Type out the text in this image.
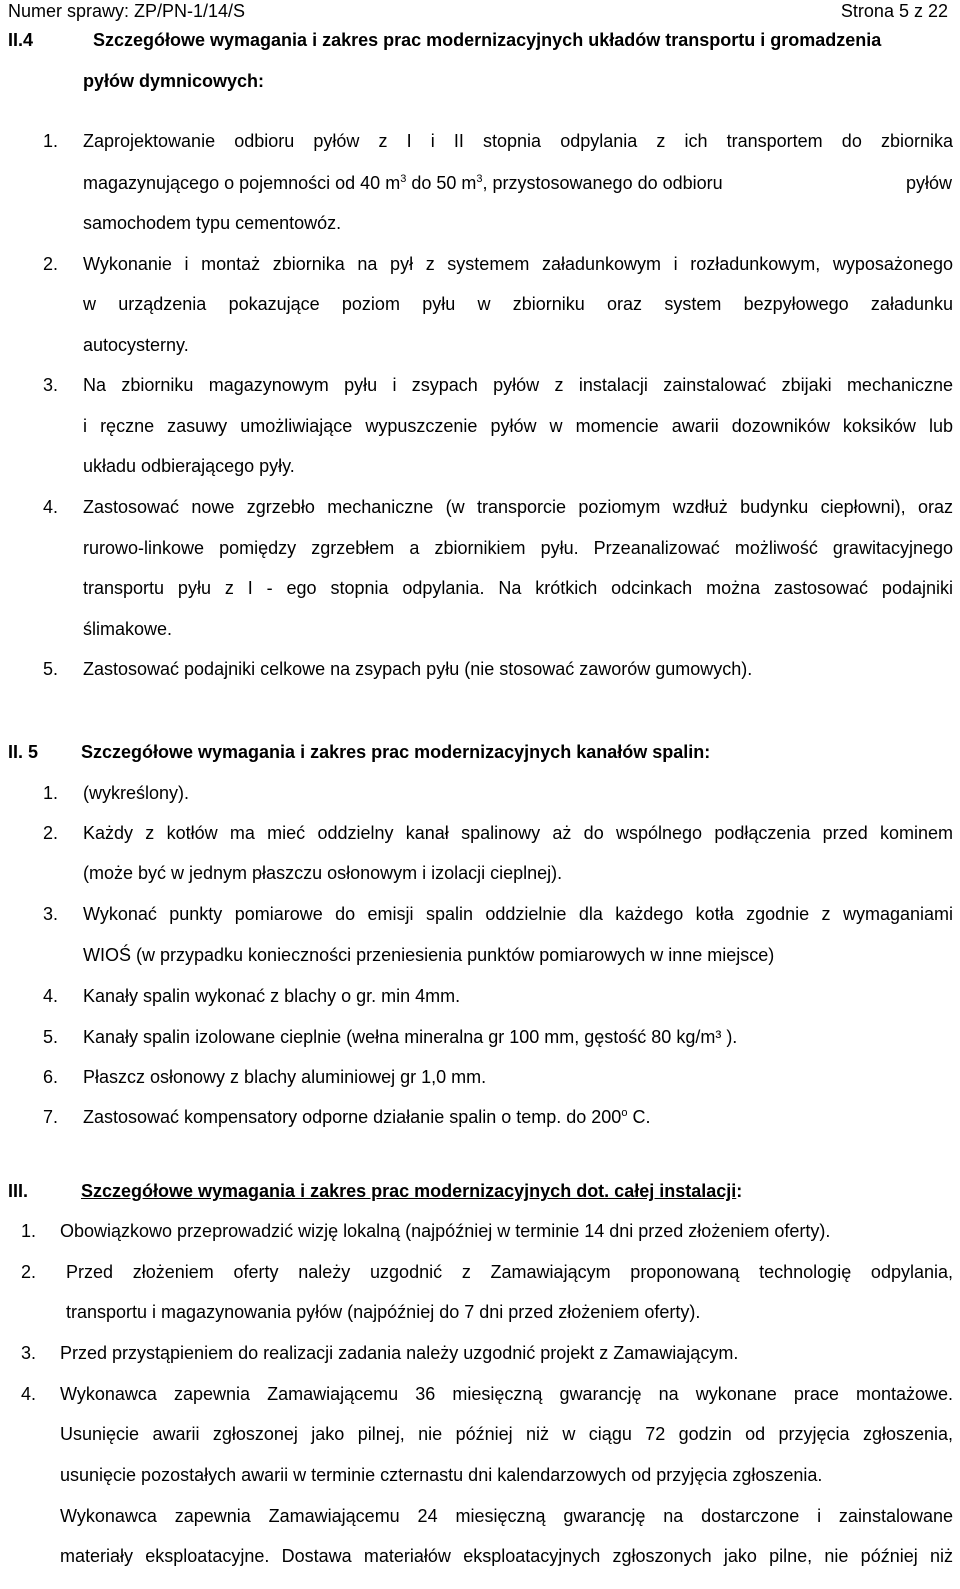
Numer sprawy: ZP/PN-1/14/S	Strona 5 z 22
II.4	Szczegółowe wymagania i zakres prac modernizacyjnych układów transportu i gromadzenia
pyłów dymnicowych:
1. Zaprojektowanie odbioru pyłów z I i II stopnia odpylania z ich transportem do zbiornika
magazynującego o pojemności od 40 $m^3$ do 50 $m^3$, przystosowanego do odbioru	pyłów
samochodem typu cementowóz.
2. Wykonanie i montaż zbiornika na pył z systemem załadunkowym i rozładunkowym, wyposażonego
w urządzenia pokazujące poziom pyłu w zbiorniku oraz system bezpyłowego załadunku
autocysterny.
3. Na zbiorniku magazynowym pyłu i zsypach pyłów z instalacji zainstalować zbijaki mechaniczne
i ręczne zasuwy umożliwiające wypuszczenie pyłów w momencie awarii dozowników koksików lub
układu odbierającego pyły.
4. Zastosować nowe zgrzebło mechaniczne (w transporcie poziomym wzdłuż budynku ciepłowni), oraz
rurowo-linkowe pomiędzy zgrzebłem a zbiornikiem pyłu. Przeanalizować możliwość grawitacyjnego
transportu pyłu z I - ego stopnia odpylania. Na krótkich odcinkach można zastosować podajniki
ślimakowe.
5. Zastosować podajniki celkowe na zsypach pyłu (nie stosować zaworów gumowych).
II. 5 Szczegółowe wymagania i zakres prac modernizacyjnych kanałów spalin:
1. (wykreślony).
2. Każdy z kotłów ma mieć oddzielny kanał spalinowy aż do wspólnego podłączenia przed kominem
(może być w jednym płaszczu osłonowym i izolacji cieplnej).
3. Wykonać punkty pomiarowe do emisji spalin oddzielnie dla każdego kotła zgodnie z wymaganiami
WIOŚ (w przypadku konieczności przeniesienia punktów pomiarowych w inne miejsce)
4. Kanały spalin wykonać z blachy o gr. min 4mm.
5. Kanały spalin izolowane cieplnie (wełna mineralna gr 100 mm, gęstość 80 kg/m³ ).
6. Płaszcz osłonowy z blachy aluminiowej gr 1,0 mm.
7. Zastosować kompensatory odporne działanie spalin o temp. do 200$^o$ C.
III.	Szczegółowe wymagania i zakres prac modernizacyjnych dot. całej instalacji:
1. Obowiązkowo przeprowadzić wizję lokalną (najpóźniej w terminie 14 dni przed złożeniem oferty).
2. Przed złożeniem oferty należy uzgodnić z Zamawiającym proponowaną technologię odpylania,
transportu i magazynowania pyłów (najpóźniej do 7 dni przed złożeniem oferty).
3. Przed przystąpieniem do realizacji zadania należy uzgodnić projekt z Zamawiającym.
4. Wykonawca zapewnia Zamawiającemu 36 miesięczną gwarancję na wykonane prace montażowe.
Usunięcie awarii zgłoszonej jako pilnej, nie później niż w ciągu 72 godzin od przyjęcia zgłoszenia,
usunięcie pozostałych awarii w terminie czternastu dni kalendarzowych od przyjęcia zgłoszenia.
Wykonawca zapewnia Zamawiającemu 24 miesięczną gwarancję na dostarczone i zainstalowane
materiały eksploatacyjne. Dostawa materiałów eksploatacyjnych zgłoszonych jako pilne, nie później niż
